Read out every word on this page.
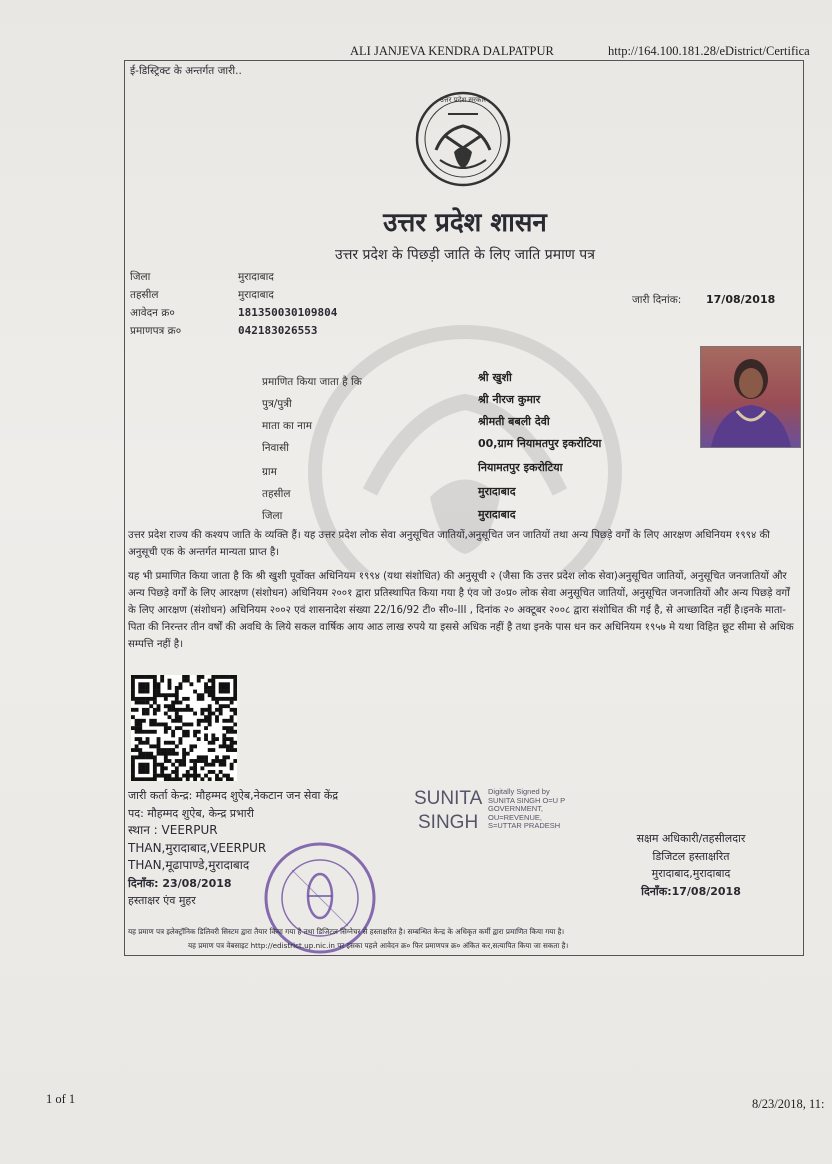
ALI JANJEVA KENDRA DALPATPUR	http://164.100.181.28/eDistrict/Certifica
ई-डिस्ट्रिक्ट के अन्तर्गत जारी..
उत्तर प्रदेश सरकार
उत्तर प्रदेश शासन
उत्तर प्रदेश के पिछड़ी जाति के लिए जाति प्रमाण पत्र
जिला	मुरादाबाद
तहसील	मुरादाबाद
आवेदन क्र०	181350030109804
प्रमाणपत्र क्र०	042183026553
जारी दिनांक: 17/08/2018
प्रमाणित किया जाता है कि	श्री खुशी
पुत्र/पुत्री	श्री नीरज कुमार
माता का नाम	श्रीमती बबली देवी
निवासी	00,ग्राम नियामतपुर इकरोटिया
ग्राम	नियामतपुर इकरोटिया
तहसील	मुरादाबाद
जिला	मुरादाबाद
उत्तर प्रदेश राज्य की कश्यप जाति के व्यक्ति हैं। यह उत्तर प्रदेश लोक सेवा अनुसूचित जातियों,अनुसूचित जन जातियों तथा अन्य पिछड़े वर्गों के लिए आरक्षण अधिनियम १९९४ की अनुसूची एक के अन्तर्गत मान्यता प्राप्त है।
यह भी प्रमाणित किया जाता है कि श्री खुशी पूर्वोक्त अधिनियम १९९४ (यथा संशोधित) की अनुसूची २ (जैसा कि उत्तर प्रदेश लोक सेवा)अनुसूचित जातियों, अनुसूचित जनजातियों और अन्य पिछड़े वर्गों के लिए आरक्षण (संशोधन) अधिनियम २००१ द्वारा प्रतिस्थापित किया गया है एंव जो उ०प्र० लोक सेवा अनुसूचित जातियों, अनुसूचित जनजातियों और अन्य पिछड़े वर्गों के लिए आरक्षण (संशोधन) अधिनियम २००२ एवं शासनादेश संख्या 22/16/92 टी० सी०-III , दिनांक २० अक्टूबर २००८ द्वारा संशोधित की गई है, से आच्छादित नहीं है।इनके माता-पिता की निरन्तर तीन वर्षों की अवधि के लिये सकल वार्षिक आय आठ लाख रुपये या इससे अधिक नहीं है तथा इनके पास धन कर अधिनियम १९५७ मे यथा विहित छूट सीमा से अधिक सम्पत्ति नहीं है।
जारी कर्ता केन्द्र: मौहम्मद शुऐब,नेकटान जन सेवा केंद्र
पद: मौहम्मद शुऐब, केन्द्र प्रभारी
स्थान : VEERPUR
THAN,मुरादाबाद,VEERPUR
THAN,मूढापाण्डे,मुरादाबाद
दिनाँक: 23/08/2018
हस्ताक्षर एंव मुहर
SUNITA
SINGH
Digitally Signed by
SUNITA SINGH O=U P
GOVERNMENT,
OU=REVENUE,
S=UTTAR PRADESH
सक्षम अधिकारी/तहसीलदार
डिजिटल हस्ताक्षरित
मुरादाबाद,मुरादाबाद
दिनाँक:17/08/2018
यह प्रमाण पत्र इलेक्ट्रॉनिक डिलिवरी सिस्टम द्वारा तैयार किया गया है तथा डिजिटल सिग्नेचर से हस्ताक्षरित है। सम्बन्धित केन्द्र के अधिकृत कर्मी द्वारा प्रमाणित किया गया है।
यह प्रमाण पत्र वेबसाइट http://edistrict.up.nic.in पर इसका पहले आवेदन क्र० फिर प्रमाणपत्र क्र० अंकित कर,सत्यापित किया जा सकता है।
1 of 1	8/23/2018, 11:
